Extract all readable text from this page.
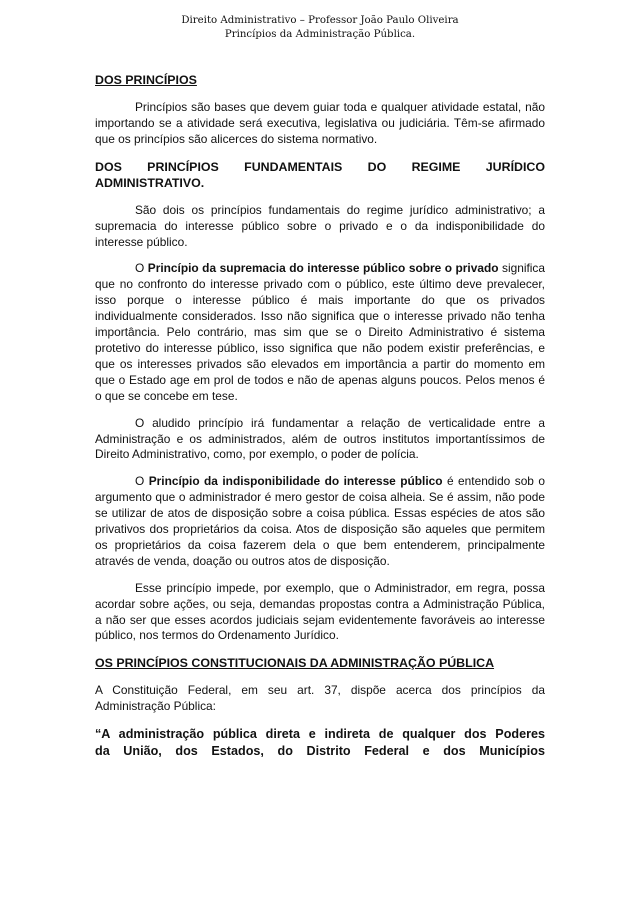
Direito Administrativo – Professor João Paulo Oliveira
Princípios da Administração Pública.
DOS PRINCÍPIOS

Princípios são bases que devem guiar toda e qualquer atividade estatal, não importando se a atividade será executiva, legislativa ou judiciária. Têm-se afirmado que os princípios são alicerces do sistema normativo.

DOS PRINCÍPIOS FUNDAMENTAIS DO REGIME JURÍDICO
ADMINISTRATIVO.

São dois os princípios fundamentais do regime jurídico administrativo; a supremacia do interesse público sobre o privado e o da indisponibilidade do interesse público.

O Princípio da supremacia do interesse público sobre o privado significa que no confronto do interesse privado com o público, este último deve prevalecer, isso porque o interesse público é mais importante do que os privados individualmente considerados. Isso não significa que o interesse privado não tenha importância. Pelo contrário, mas sim que se o Direito Administrativo é sistema protetivo do interesse público, isso significa que não podem existir preferências, e que os interesses privados são elevados em importância a partir do momento em que o Estado age em prol de todos e não de apenas alguns poucos. Pelos menos é o que se concebe em tese.

O aludido princípio irá fundamentar a relação de verticalidade entre a Administração e os administrados, além de outros institutos importantíssimos de Direito Administrativo, como, por exemplo, o poder de polícia.

O Princípio da indisponibilidade do interesse público é entendido sob o argumento que o administrador é mero gestor de coisa alheia. Se é assim, não pode se utilizar de atos de disposição sobre a coisa pública. Essas espécies de atos são privativos dos proprietários da coisa. Atos de disposição são aqueles que permitem os proprietários da coisa fazerem dela o que bem entenderem, principalmente através de venda, doação ou outros atos de disposição.

Esse princípio impede, por exemplo, que o Administrador, em regra, possa acordar sobre ações, ou seja, demandas propostas contra a Administração Pública, a não ser que esses acordos judiciais sejam evidentemente favoráveis ao interesse público, nos termos do Ordenamento Jurídico.

OS PRINCÍPIOS CONSTITUCIONAIS DA ADMINISTRAÇÃO PÚBLICA

A Constituição Federal, em seu art. 37, dispõe acerca dos princípios da Administração Pública:

“A administração pública direta e indireta de qualquer dos Poderes
da União, dos Estados, do Distrito Federal e dos Municípios
